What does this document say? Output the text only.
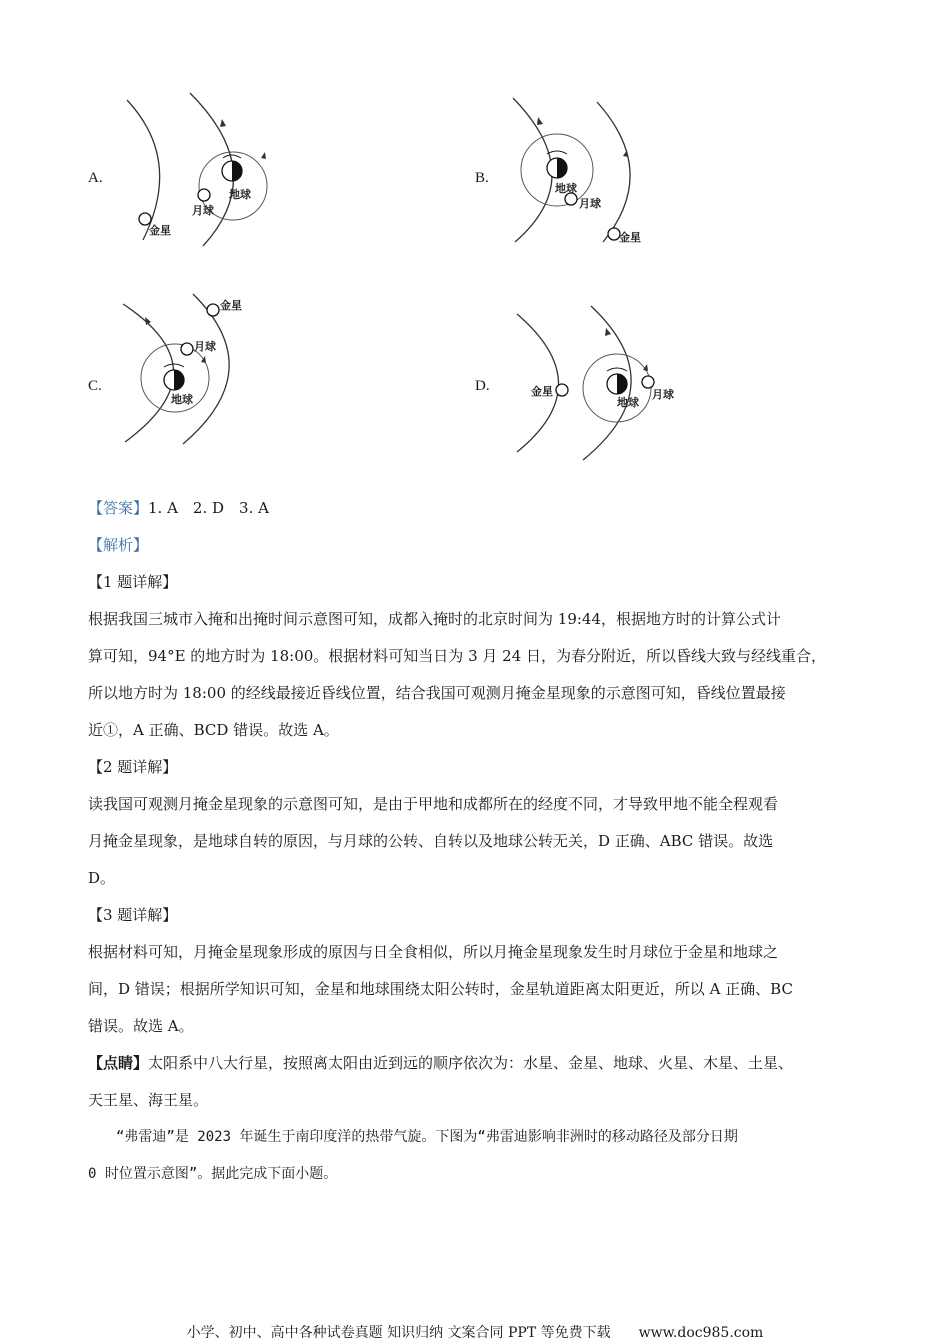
A.
月球
地球
金星
B.
地球
月球
金星
C.
金星
月球
地球
D.	金星
地球
月球
【答案】1. A　2. D　3. A
【解析】
【1 题详解】
根据我国三城市入掩和出掩时间示意图可知，成都入掩时的北京时间为 19:44，根据地方时的计算公式计
算可知，94°E 的地方时为 18:00。根据材料可知当日为 3 月 24 日，为春分附近，所以昏线大致与经线重合，
所以地方时为 18:00 的经线最接近昏线位置，结合我国可观测月掩金星现象的示意图可知，昏线位置最接
近①，A 正确、BCD 错误。故选 A。
【2 题详解】
读我国可观测月掩金星现象的示意图可知，是由于甲地和成都所在的经度不同，才导致甲地不能全程观看
月掩金星现象，是地球自转的原因，与月球的公转、自转以及地球公转无关，D 正确、ABC 错误。故选
D。
【3 题详解】
根据材料可知，月掩金星现象形成的原因与日全食相似，所以月掩金星现象发生时月球位于金星和地球之
间，D 错误；根据所学知识可知，金星和地球围绕太阳公转时，金星轨道距离太阳更近，所以 A 正确、BC
错误。故选 A。
【点睛】太阳系中八大行星，按照离太阳由近到远的顺序依次为：水星、金星、地球、火星、木星、土星、
天王星、海王星。
“弗雷迪”是 2023 年诞生于南印度洋的热带气旋。下图为“弗雷迪影响非洲时的移动路径及部分日期
0 时位置示意图”。据此完成下面小题。
小学、初中、高中各种试卷真题 知识归纳 文案合同 PPT 等免费下载　　www.doc985.com
